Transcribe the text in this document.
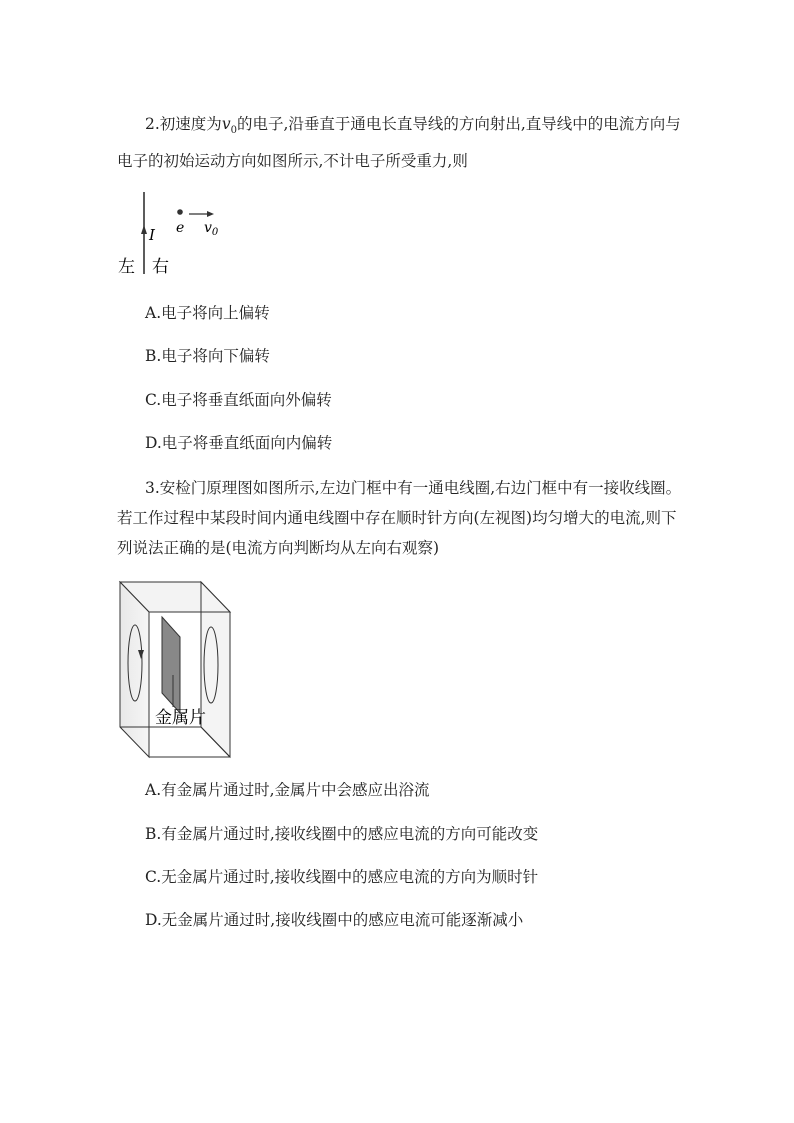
2.初速度为$v_0$的电子,沿垂直于通电长直导线的方向射出,直导线中的电流方向与电子的初始运动方向如图所示,不计电子所受重力,则
I e $v_0$
左 右
A.电子将向上偏转
B.电子将向下偏转
C.电子将垂直纸面向外偏转
D.电子将垂直纸面向内偏转
3.安检门原理图如图所示,左边门框中有一通电线圈,右边门框中有一接收线圈。若工作过程中某段时间内通电线圈中存在顺时针方向(左视图)均匀增大的电流,则下列说法正确的是(电流方向判断均从左向右观察)
金属片
A.有金属片通过时,金属片中会感应出浴流
B.有金属片通过时,接收线圈中的感应电流的方向可能改变
C.无金属片通过时,接收线圈中的感应电流的方向为顺时针
D.无金属片通过时,接收线圈中的感应电流可能逐渐减小
